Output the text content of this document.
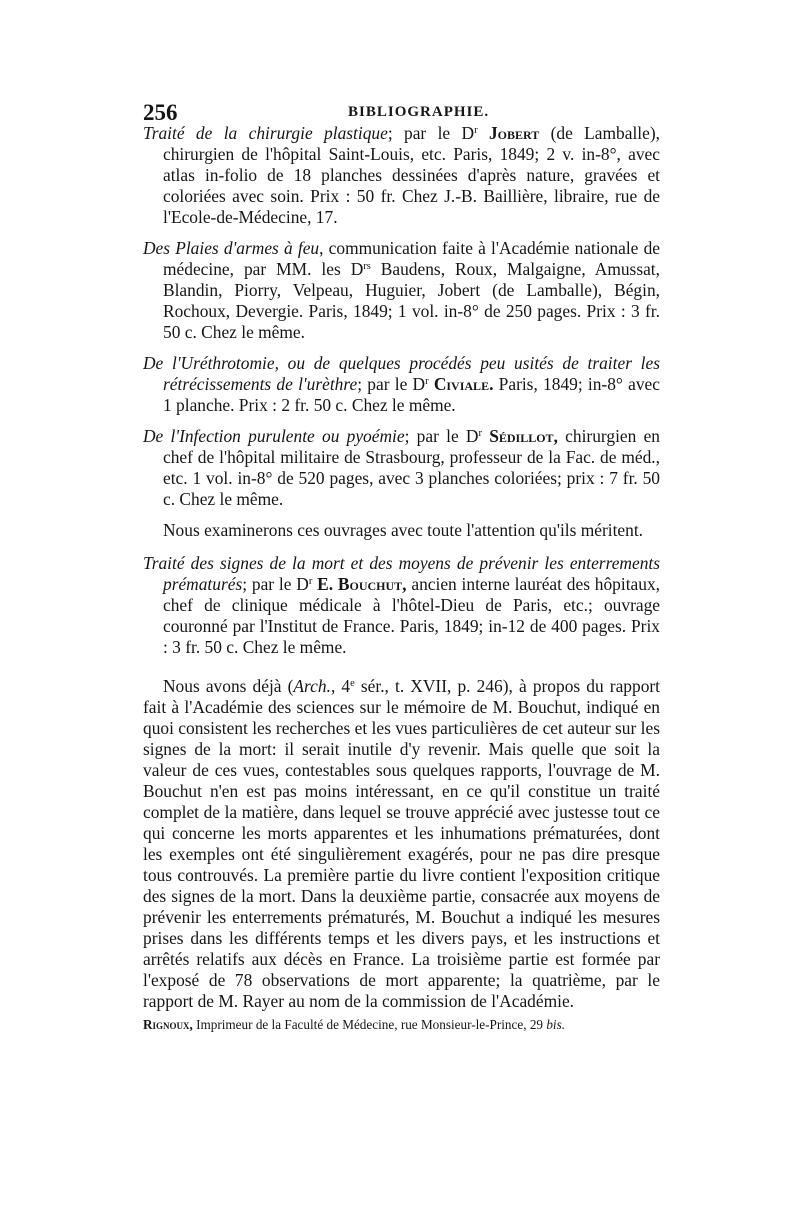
256	BIBLIOGRAPHIE.

Traité de la chirurgie plastique; par le $D^r$ Jobert (de Lamballe), chirurgien de l'hôpital Saint-Louis, etc. Paris, 1849; 2 v. in-8°, avec atlas in-folio de 18 planches dessinées d'après nature, gravées et coloriées avec soin. Prix : 50 fr. Chez J.-B. Baillière, libraire, rue de l'Ecole-de-Médecine, 17.

Des Plaies d'armes à feu, communication faite à l'Académie nationale de médecine, par MM. les $D^{rs}$ Baudens, Roux, Malgaigne, Amussat, Blandin, Piorry, Velpeau, Huguier, Jobert (de Lamballe), Bégin, Rochoux, Devergie. Paris, 1849; 1 vol. in-8° de 250 pages. Prix : 3 fr. 50 c. Chez le même.

De l'Uréthrotomie, ou de quelques procédés peu usités de traiter les rétrécissements de l'urèthre; par le $D^r$ Civiale. Paris, 1849; in-8° avec 1 planche. Prix : 2 fr. 50 c. Chez le même.

De l'Infection purulente ou pyoémie; par le $D^r$ Sédillot, chirurgien en chef de l'hôpital militaire de Strasbourg, professeur de la Fac. de méd., etc. 1 vol. in-8° de 520 pages, avec 3 planches coloriées; prix : 7 fr. 50 c. Chez le même.

Nous examinerons ces ouvrages avec toute l'attention qu'ils méritent.

Traité des signes de la mort et des moyens de prévenir les enterrements prématurés; par le $D^r$ E. Bouchut, ancien interne lauréat des hôpitaux, chef de clinique médicale à l'hôtel-Dieu de Paris, etc.; ouvrage couronné par l'Institut de France. Paris, 1849; in-12 de 400 pages. Prix : 3 fr. 50 c. Chez le même.

Nous avons déjà (Arch., 4e sér., t. XVII, p. 246), à propos du rapport fait à l'Académie des sciences sur le mémoire de M. Bouchut, indiqué en quoi consistent les recherches et les vues particulières de cet auteur sur les signes de la mort: il serait inutile d'y revenir. Mais quelle que soit la valeur de ces vues, contestables sous quelques rapports, l'ouvrage de M. Bouchut n'en est pas moins intéressant, en ce qu'il constitue un traité complet de la matière, dans lequel se trouve apprécié avec justesse tout ce qui concerne les morts apparentes et les inhumations prématurées, dont les exemples ont été singulièrement exagérés, pour ne pas dire presque tous controuvés. La première partie du livre contient l'exposition critique des signes de la mort. Dans la deuxième partie, consacrée aux moyens de prévenir les enterrements prématurés, M. Bouchut a indiqué les mesures prises dans les différents temps et les divers pays, et les instructions et arrêtés relatifs aux décès en France. La troisième partie est formée par l'exposé de 78 observations de mort apparente; la quatrième, par le rapport de M. Rayer au nom de la commission de l'Académie.

Rignoux, Imprimeur de la Faculté de Médecine, rue Monsieur-le-Prince, 29 bis.
